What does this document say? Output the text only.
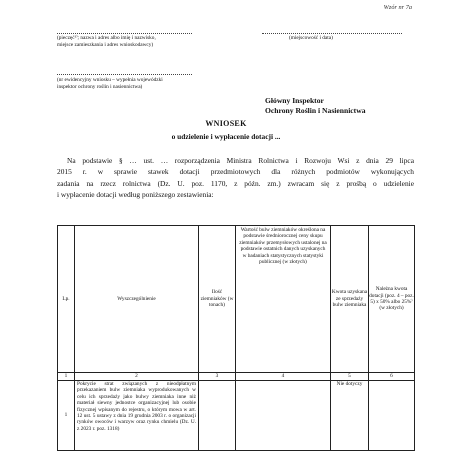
Wzór nr 7a
(pieczęć¹⁾; nazwa i adres albo imię i nazwisko,
miejsce zamieszkania i adres wnioskodawcy)
(miejscowość i data)
(nr ewidencyjny wniosku – wypełnia wojewódzki
inspektor ochrony roślin i nasiennictwa)
Główny Inspektor
Ochrony Roślin i Nasiennictwa
WNIOSEK
o udzielenie i wypłacenie dotacji ...
Na podstawie § … ust. … rozporządzenia Ministra Rolnictwa i Rozwoju Wsi z dnia 29 lipca
2015 r. w sprawie stawek dotacji przedmiotowych dla różnych podmiotów wykonujących
zadania na rzecz rolnictwa (Dz. U. poz. 1170, z późn. zm.) zwracam się z prośbą o udzielenie
i wypłacenie dotacji według poniższego zestawienia:
Lp.	Wyszczególnienie	Ilość ziemniaków (w tonach)	Wartość bulw ziemniaków określona na podstawie średniorocznej ceny skupu ziemniaków przemysłowych ustalonej na podstawie ostatnich danych uzyskanych w badaniach statystycznych statystyki publicznej (w złotych)	Kwota uzyskana ze sprzedaży bulw ziemniaka	Należna kwota dotacji (poz. 4 – poz. 5) x 50% albo 25%⁾ (w złotych)
1	2	3	4	5	6
1	Pokrycie strat związanych z nieodpłatnym przekazaniem bulw ziemniaka wyprodukowanych w celu ich sprzedaży jako bulwy ziemniaka inne niż materiał siewny jednostce organizacyjnej lub osobie fizycznej wpisanym do rejestru, o którym mowa w art. 12 ust. 5 ustawy z dnia 19 grudnia 2003 r. o organizacji rynków owoców i warzyw oraz rynku chmielu (Dz. U. z 2023 r. poz. 1318)			Nie dotyczy	
